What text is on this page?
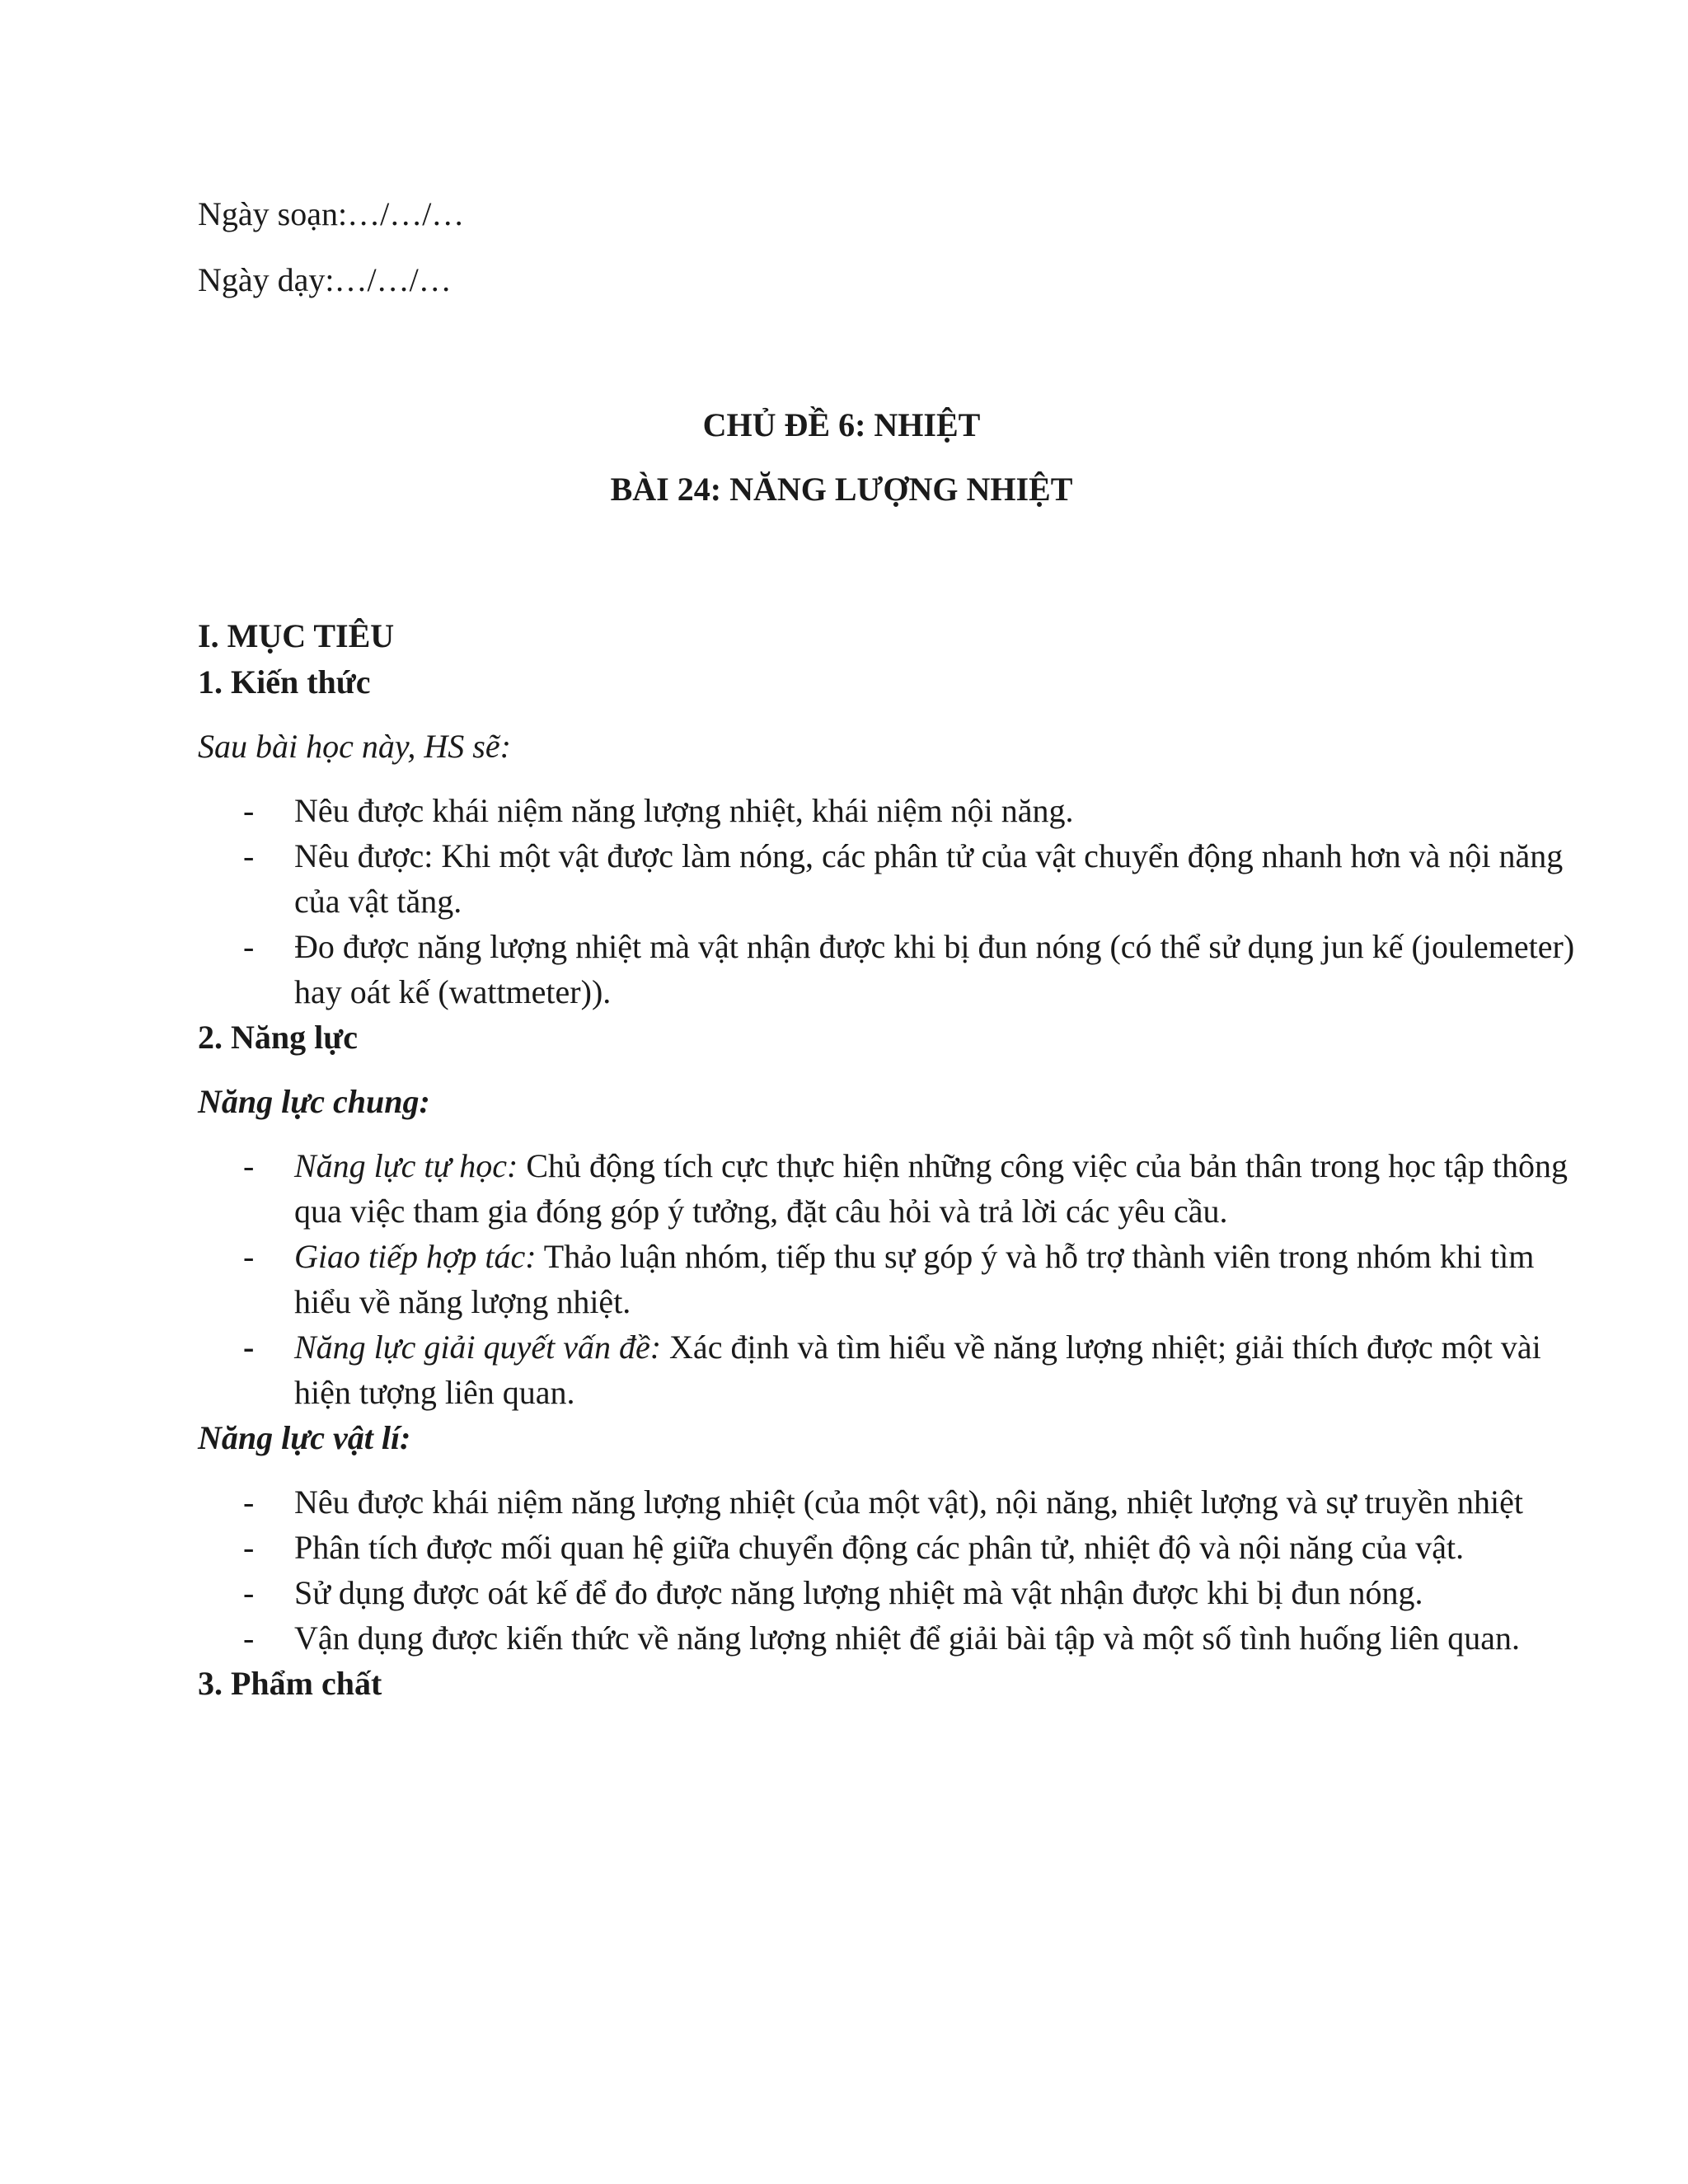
Ngày soạn:…/…/…

Ngày dạy:…/…/…

CHỦ ĐỀ 6: NHIỆT
BÀI 24: NĂNG LƯỢNG NHIỆT
I. MỤC TIÊU
1. Kiến thức

Sau bài học này, HS sẽ:

-	Nêu được khái niệm năng lượng nhiệt, khái niệm nội năng.
-	Nêu được: Khi một vật được làm nóng, các phân tử của vật chuyển động nhanh hơn và nội năng của vật tăng.
-	Đo được năng lượng nhiệt mà vật nhận được khi bị đun nóng (có thể sử dụng jun kế (joulemeter) hay oát kế (wattmeter)).
2. Năng lực

Năng lực chung:

-	Năng lực tự học: Chủ động tích cực thực hiện những công việc của bản thân trong học tập thông qua việc tham gia đóng góp ý tưởng, đặt câu hỏi và trả lời các yêu cầu.
-	Giao tiếp hợp tác: Thảo luận nhóm, tiếp thu sự góp ý và hỗ trợ thành viên trong nhóm khi tìm hiểu về năng lượng nhiệt.
-	Năng lực giải quyết vấn đề: Xác định và tìm hiểu về năng lượng nhiệt; giải thích được một vài hiện tượng liên quan.

Năng lực vật lí:

-	Nêu được khái niệm năng lượng nhiệt (của một vật), nội năng, nhiệt lượng và sự truyền nhiệt
-	Phân tích được mối quan hệ giữa chuyển động các phân tử, nhiệt độ và nội năng của vật.
-	Sử dụng được oát kế để đo được năng lượng nhiệt mà vật nhận được khi bị đun nóng.
-	Vận dụng được kiến thức về năng lượng nhiệt để giải bài tập và một số tình huống liên quan.
3. Phẩm chất
